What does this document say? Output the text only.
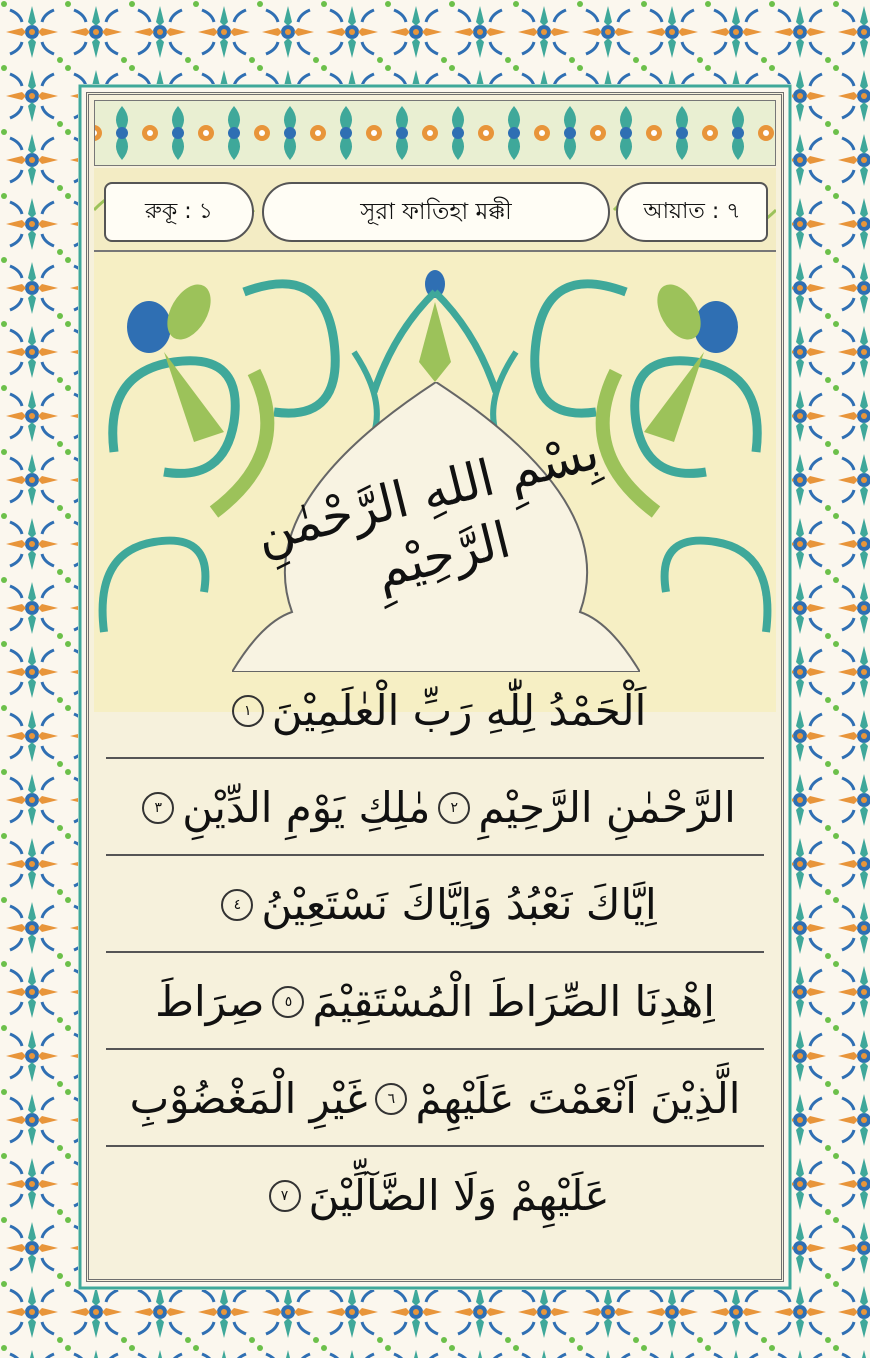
রুকূ : ১	সূরা ফাতিহা মক্কী	আয়াত : ৭
بِسْمِ اللهِ الرَّحْمٰنِ الرَّحِيْمِ
اَلْحَمْدُ لِلّٰهِ رَبِّ الْعٰلَمِيْنَ
١
الرَّحْمٰنِ الرَّحِيْمِ
٢
مٰلِكِ يَوْمِ الدِّيْنِ
٣
اِيَّاكَ نَعْبُدُ وَاِيَّاكَ نَسْتَعِيْنُ
٤
اِهْدِنَا الصِّرَاطَ الْمُسْتَقِيْمَ
٥
صِرَاطَ
الَّذِيْنَ اَنْعَمْتَ عَلَيْهِمْ
٦
غَيْرِ الْمَغْضُوْبِ
عَلَيْهِمْ وَلَا الضَّآلِّيْنَ
٧
